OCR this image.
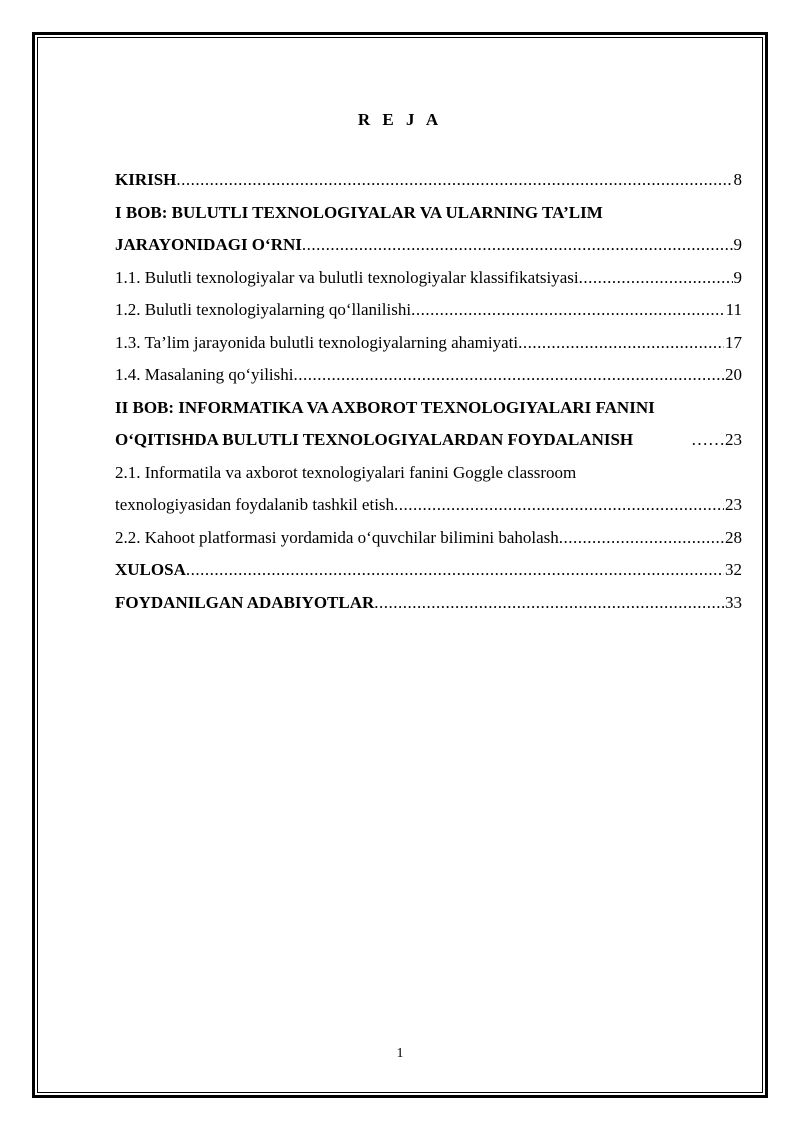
R E J A
KIRISH .....	8
I BOB: BULUTLI TEXNOLOGIYALAR VA ULARNING TA’LIM
JARAYONIDAGI O‘RNI .....	9
1.1. Bulutli texnologiyalar va bulutli texnologiyalar klassifikatsiyasi .....	9
1.2. Bulutli texnologiyalarning qo‘llanilishi .....	11
1.3. Ta’lim jarayonida bulutli texnologiyalarning ahamiyati .....	17
1.4. Masalaning qo‘yilishi .....	20
II BOB: INFORMATIKA VA AXBOROT TEXNOLOGIYALARI FANINI
O‘QITISHDA BULUTLI TEXNOLOGIYALARDAN FOYDALANISH	……23
2.1. Informatila va axborot texnologiyalari fanini Goggle classroom
texnologiyasidan foydalanib tashkil etish .....	23
2.2. Kahoot platformasi yordamida o‘quvchilar bilimini baholash .....	28
XULOSA .....	32
FOYDANILGAN ADABIYOTLAR .....	33
1
